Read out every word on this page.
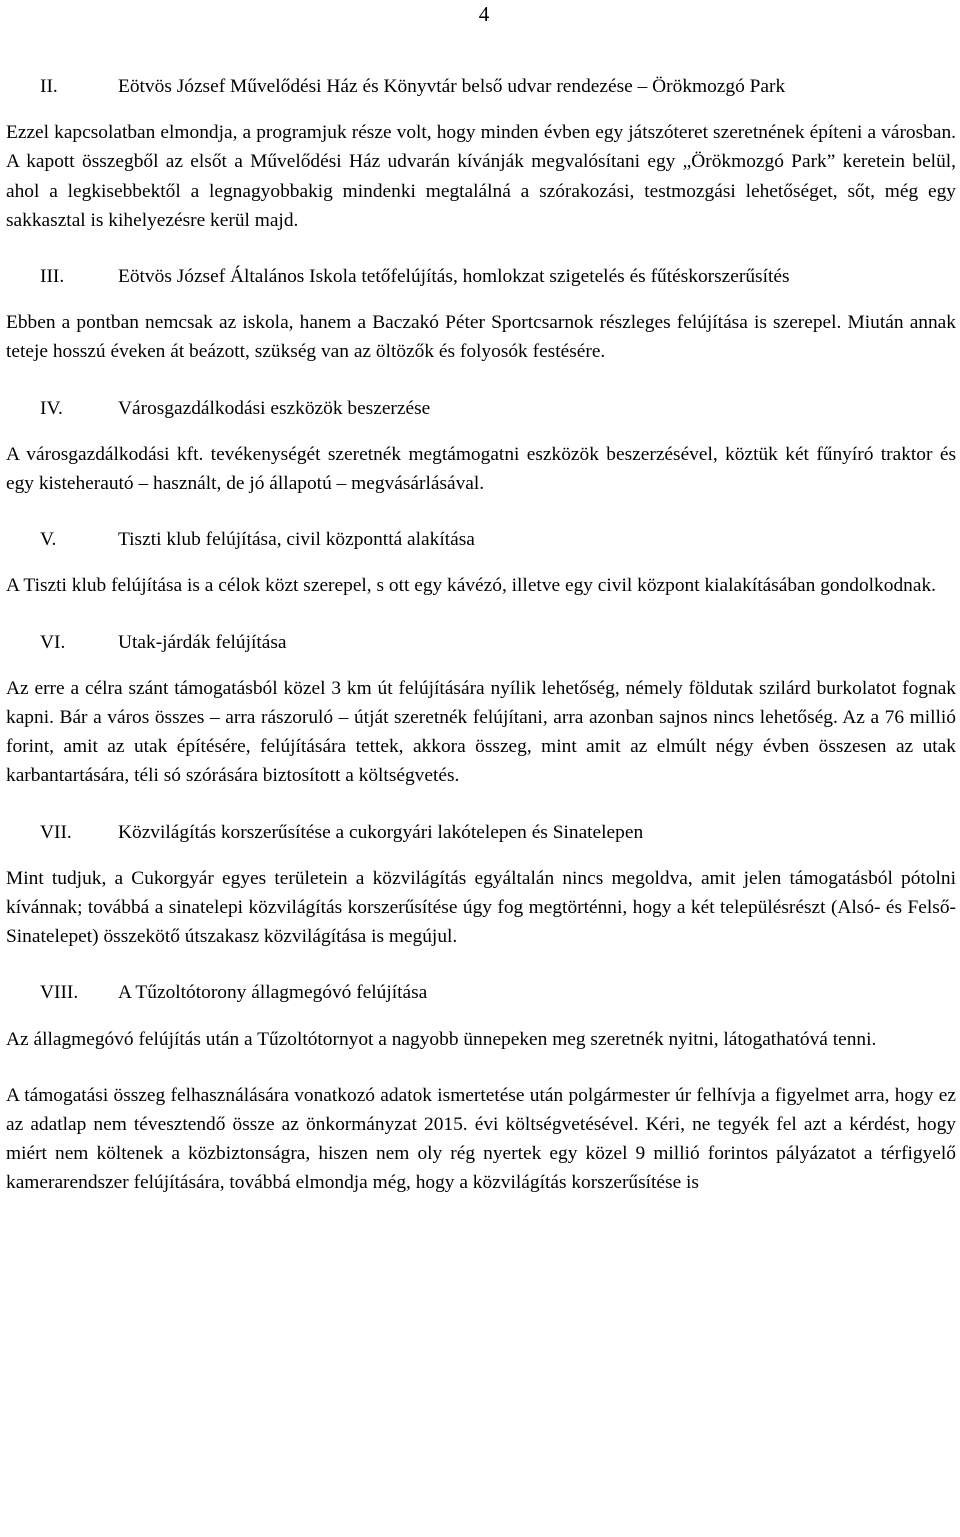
4
II.	Eötvös József Művelődési Ház és Könyvtár belső udvar rendezése – Örökmozgó Park

Ezzel kapcsolatban elmondja, a programjuk része volt, hogy minden évben egy játszóteret szeretnének építeni a városban. A kapott összegből az elsőt a Művelődési Ház udvarán kívánják megvalósítani egy „Örökmozgó Park” keretein belül, ahol a legkisebbektől a legnagyobbakig mindenki megtalálná a szórakozási, testmozgási lehetőséget, sőt, még egy sakkasztal is kihelyezésre kerül majd.

III.	Eötvös József Általános Iskola tetőfelújítás, homlokzat szigetelés és fűtéskorszerűsítés

Ebben a pontban nemcsak az iskola, hanem a Baczakó Péter Sportcsarnok részleges felújítása is szerepel. Miután annak teteje hosszú éveken át beázott, szükség van az öltözők és folyosók festésére.

IV.	Városgazdálkodási eszközök beszerzése

A városgazdálkodási kft. tevékenységét szeretnék megtámogatni eszközök beszerzésével, köztük két fűnyíró traktor és egy kisteherautó – használt, de jó állapotú – megvásárlásával.

V.	Tiszti klub felújítása, civil központtá alakítása

A Tiszti klub felújítása is a célok közt szerepel, s ott egy kávézó, illetve egy civil központ kialakításában gondolkodnak.

VI.	Utak-járdák felújítása

Az erre a célra szánt támogatásból közel 3 km út felújítására nyílik lehetőség, némely földutak szilárd burkolatot fognak kapni. Bár a város összes – arra rászoruló – útját szeretnék felújítani, arra azonban sajnos nincs lehetőség. Az a 76 millió forint, amit az utak építésére, felújítására tettek, akkora összeg, mint amit az elmúlt négy évben összesen az utak karbantartására, téli só szórására biztosított a költségvetés.

VII.	Közvilágítás korszerűsítése a cukorgyári lakótelepen és Sinatelepen

Mint tudjuk, a Cukorgyár egyes területein a közvilágítás egyáltalán nincs megoldva, amit jelen támogatásból pótolni kívánnak; továbbá a sinatelepi közvilágítás korszerűsítése úgy fog megtörténni, hogy a két településrészt (Alsó- és Felső-Sinatelepet) összekötő útszakasz közvilágítása is megújul.

VIII.	A Tűzoltótorony állagmegóvó felújítása

Az állagmegóvó felújítás után a Tűzoltótornyot a nagyobb ünnepeken meg szeretnék nyitni, látogathatóvá tenni.

A támogatási összeg felhasználására vonatkozó adatok ismertetése után polgármester úr felhívja a figyelmet arra, hogy ez az adatlap nem tévesztendő össze az önkormányzat 2015. évi költségvetésével. Kéri, ne tegyék fel azt a kérdést, hogy miért nem költenek a közbiztonságra, hiszen nem oly rég nyertek egy közel 9 millió forintos pályázatot a térfigyelő kamerarendszer felújítására, továbbá elmondja még, hogy a közvilágítás korszerűsítése is
